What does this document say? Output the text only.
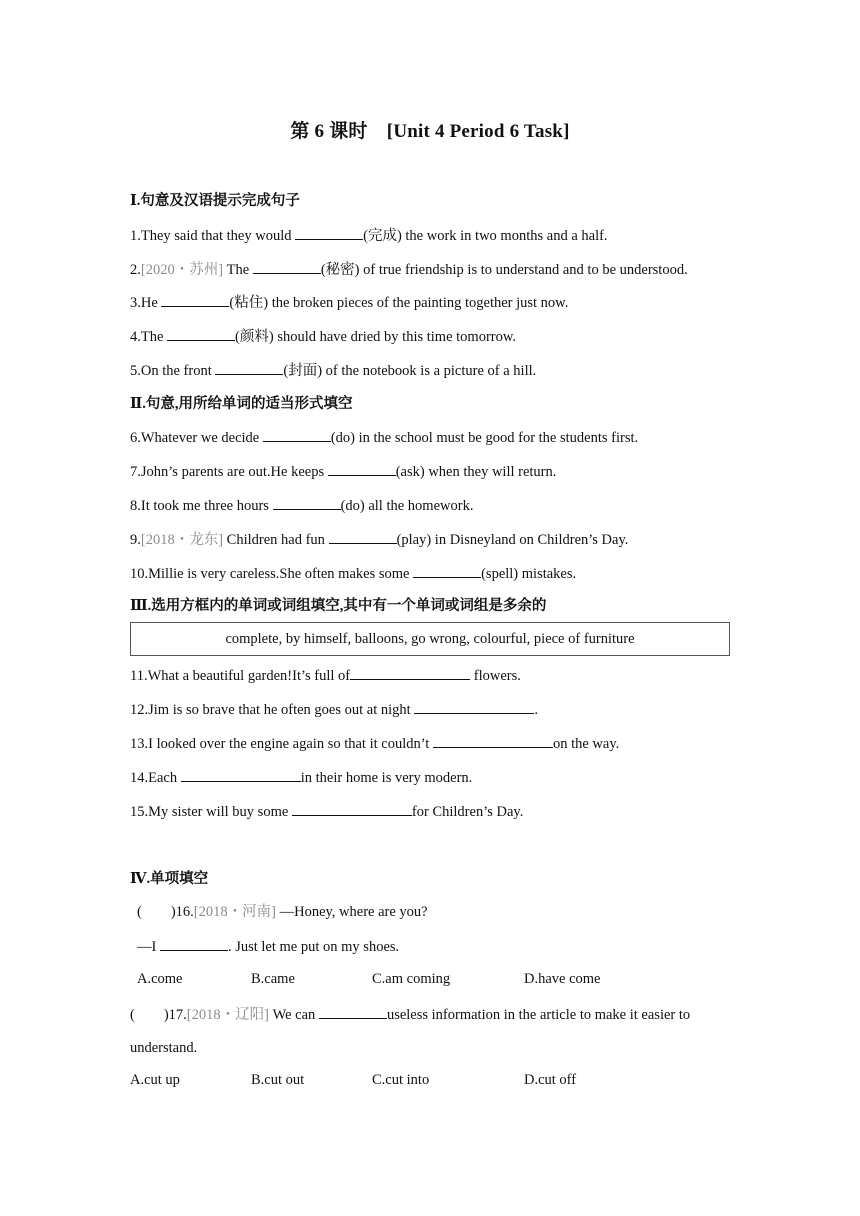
第 6 课时　[Unit 4 Period 6 Task]
Ⅰ.句意及汉语提示完成句子
1.They said that they would	(完成) the work in two months and a half.
2.[2020・苏州] The	(秘密) of true friendship is to understand and to be understood.
3.He	(粘住) the broken pieces of the painting together just now.
4.The	(颜料) should have dried by this time tomorrow.
5.On the front	(封面) of the notebook is a picture of a hill.
Ⅱ.句意,用所给单词的适当形式填空
6.Whatever we decide	(do) in the school must be good for the students first.
7.John’s parents are out.He keeps	(ask) when they will return.
8.It took me three hours	(do) all the homework.
9.[2018・龙东] Children had fun	(play) in Disneyland on Children’s Day.
10.Millie is very careless.She often makes some	(spell) mistakes.
Ⅲ.选用方框内的单词或词组填空,其中有一个单词或词组是多余的
complete, by himself, balloons, go wrong, colourful, piece of furniture
11.What a beautiful garden!It’s full of	flowers.
12.Jim is so brave that he often goes out at night	.
13.I looked over the engine again so that it couldn’t	on the way.
14.Each	in their home is very modern.
15.My sister will buy some	for Children’s Day.
Ⅳ.单项填空
(　　)16.[2018・河南] —Honey, where are you?
—I	. Just let me put on my shoes.
A.come	B.came	C.am coming	D.have come
(　　)17.[2018・辽阳] We can	useless information in the article to make it easier to
understand.
A.cut up	B.cut out	C.cut into	D.cut off
